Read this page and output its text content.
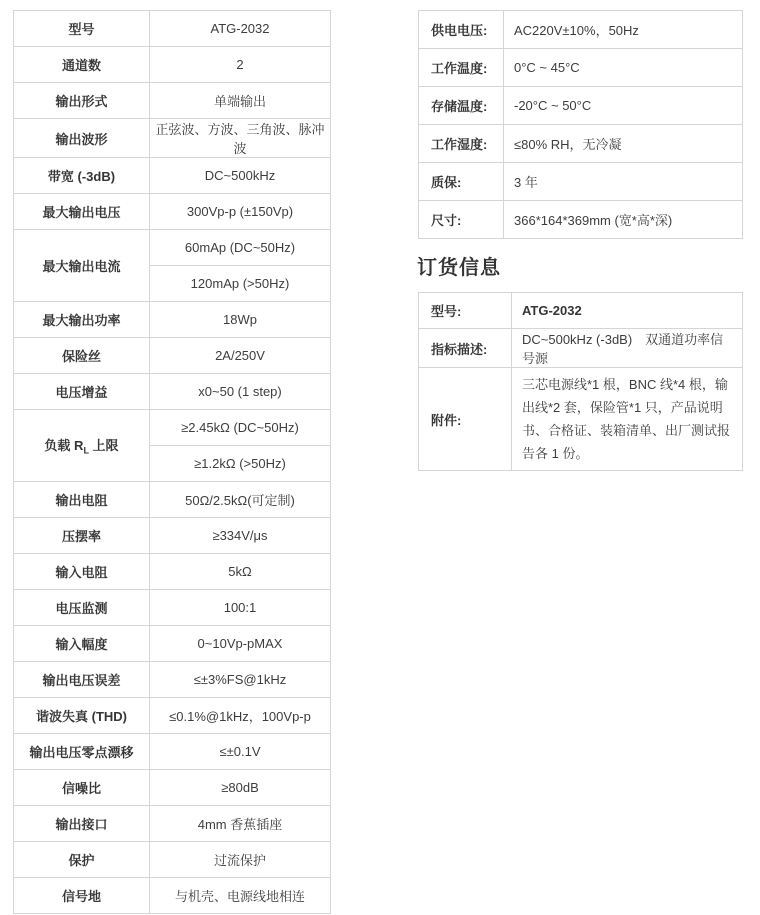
型号	ATG-2032
通道数	2
输出形式	单端输出
输出波形	正弦波、方波、三角波、脉冲波
带宽 (-3dB)	DC~500kHz
最大输出电压	300Vp-p (±150Vp)
最大输出电流	60mAp (DC~50Hz)
	120mAp (>50Hz)
最大输出功率	18Wp
保险丝	2A/250V
电压增益	x0~50 (1 step)
负载 $R_L$ 上限	≥2.45kΩ (DC~50Hz)
	≥1.2kΩ (>50Hz)
输出电阻	50Ω/2.5kΩ(可定制)
压摆率	≥334V/μs
输入电阻	5kΩ
电压监测	100:1
输入幅度	0~10Vp-pMAX
输出电压误差	≤±3%FS@1kHz
谐波失真 (THD)	≤0.1%@1kHz，100Vp-p
输出电压零点漂移	≤±0.1V
信噪比	≥80dB
输出接口	4mm 香蕉插座
保护	过流保护
信号地	与机壳、电源线地相连
供电电压:	AC220V±10%，50Hz
工作温度:	0°C ~ 45°C
存储温度:	-20°C ~ 50°C
工作湿度:	≤80% RH，无冷凝
质保:	3 年
尺寸:	366*164*369mm (宽*高*深)
订货信息
型号:	ATG-2032
指标描述:	DC~500kHz (-3dB)　双通道功率信号源
附件:	三芯电源线*1 根，BNC 线*4 根，输出线*2 套，保险管*1 只，产品说明书、合格证、装箱清单、出厂测试报告各 1 份。
